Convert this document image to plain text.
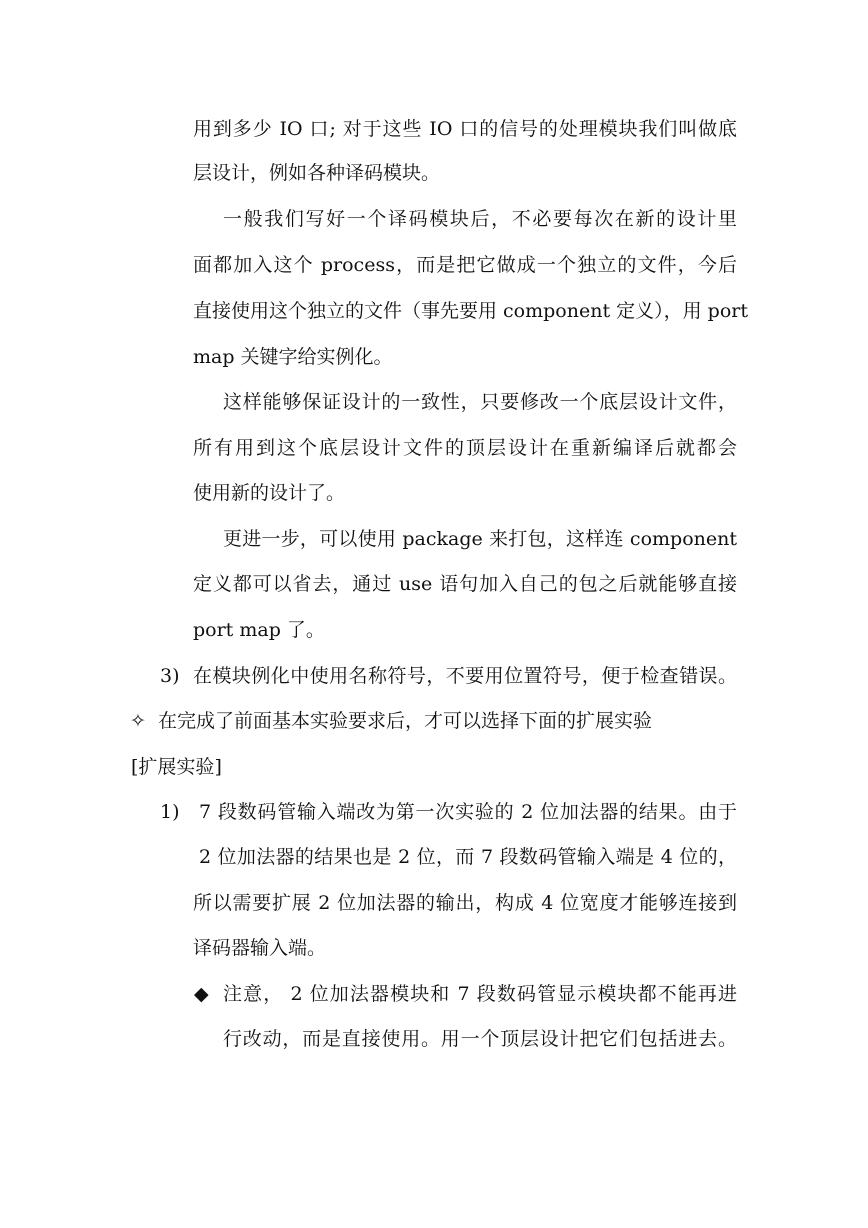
用到多少 IO 口; 对于这些 IO 口的信号的处理模块我们叫做底
层设计，例如各种译码模块。
一般我们写好一个译码模块后，不必要每次在新的设计里
面都加入这个 process，而是把它做成一个独立的文件，今后
直接使用这个独立的文件（事先要用 component 定义），用 port
map 关键字给实例化。
这样能够保证设计的一致性，只要修改一个底层设计文件，
所有用到这个底层设计文件的顶层设计在重新编译后就都会
使用新的设计了。
更进一步，可以使用 package 来打包，这样连 component
定义都可以省去，通过 use 语句加入自己的包之后就能够直接
port map 了。
3) 在模块例化中使用名称符号，不要用位置符号，便于检查错误。
✧ 在完成了前面基本实验要求后，才可以选择下面的扩展实验
[扩展实验]
1) 7 段数码管输入端改为第一次实验的 2 位加法器的结果。由于
2 位加法器的结果也是 2 位，而 7 段数码管输入端是 4 位的，
所以需要扩展 2 位加法器的输出，构成 4 位宽度才能够连接到
译码器输入端。
◆ 注意， 2 位加法器模块和 7 段数码管显示模块都不能再进
行改动，而是直接使用。用一个顶层设计把它们包括进去。
